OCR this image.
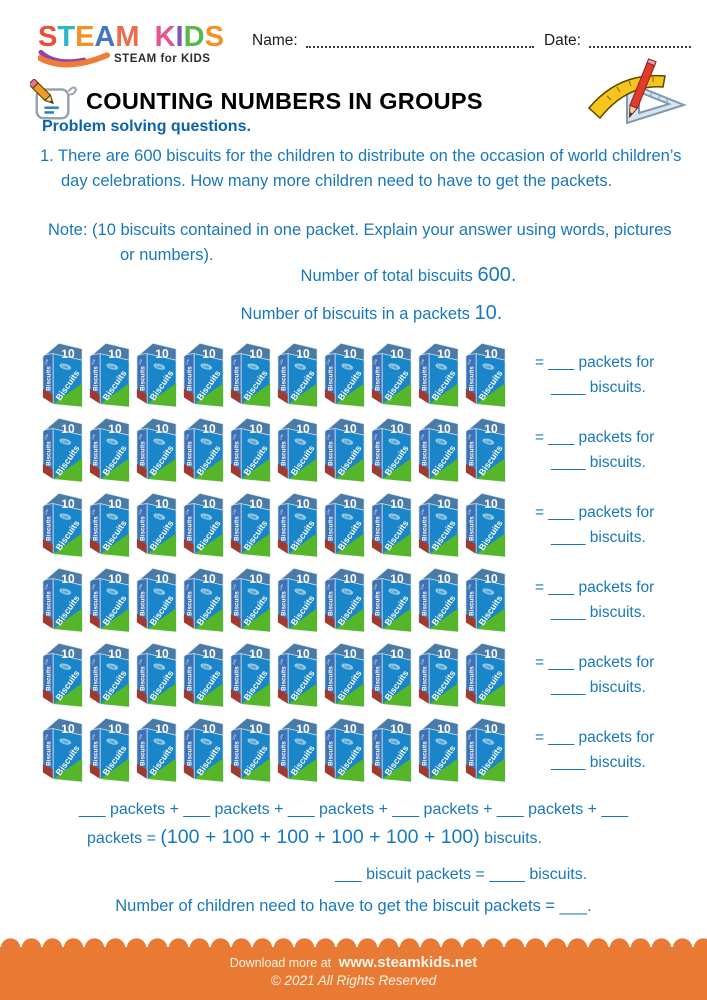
STEAM KIDS
STEAM for KIDS
Name:	Date:
COUNTING NUMBERS IN GROUPS
Problem solving questions.
1. There are 600 biscuits for the children to distribute on the occasion of world children’s day celebrations. How many more children need to have to get the packets.
Note: (10 biscuits contained in one packet. Explain your answer using words, pictures or numbers).
Number of total biscuits 600.
Number of biscuits in a packets 10.
= ___ packets for
____ biscuits.
= ___ packets for
____ biscuits.
= ___ packets for
____ biscuits.
= ___ packets for
____ biscuits.
= ___ packets for
____ biscuits.
= ___ packets for
____ biscuits.
___ packets + ___ packets + ___ packets + ___ packets + ___ packets + ___
packets = (100 + 100 + 100 + 100 + 100 + 100) biscuits.
___ biscuit packets = ____ biscuits.
Number of children need to have to get the biscuit packets = ___.
Download more at www.steamkids.net
© 2021 All Rights Reserved
